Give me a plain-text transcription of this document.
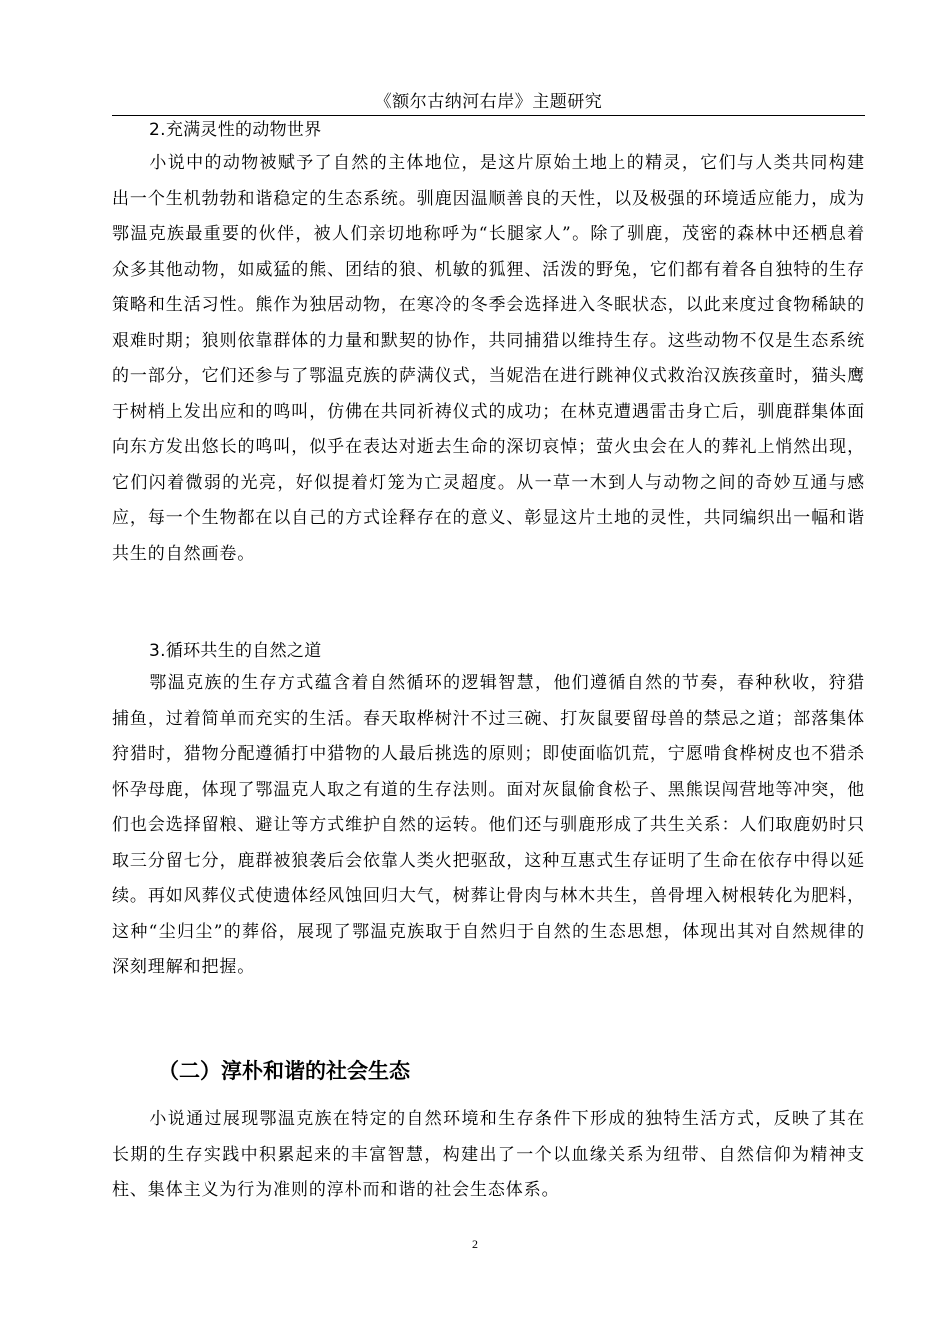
《额尔古纳河右岸》主题研究
2.充满灵性的动物世界

小说中的动物被赋予了自然的主体地位，是这片原始土地上的精灵，它们与人类共同构建出一个生机勃勃和谐稳定的生态系统。驯鹿因温顺善良的天性，以及极强的环境适应能力，成为鄂温克族最重要的伙伴，被人们亲切地称呼为“长腿家人”。除了驯鹿，茂密的森林中还栖息着众多其他动物，如威猛的熊、团结的狼、机敏的狐狸、活泼的野兔，它们都有着各自独特的生存策略和生活习性。熊作为独居动物，在寒冷的冬季会选择进入冬眠状态，以此来度过食物稀缺的艰难时期；狼则依靠群体的力量和默契的协作，共同捕猎以维持生存。这些动物不仅是生态系统的一部分，它们还参与了鄂温克族的萨满仪式，当妮浩在进行跳神仪式救治汉族孩童时，猫头鹰于树梢上发出应和的鸣叫，仿佛在共同祈祷仪式的成功；在林克遭遇雷击身亡后，驯鹿群集体面向东方发出悠长的鸣叫，似乎在表达对逝去生命的深切哀悼；萤火虫会在人的葬礼上悄然出现，它们闪着微弱的光亮，好似提着灯笼为亡灵超度。从一草一木到人与动物之间的奇妙互通与感应，每一个生物都在以自己的方式诠释存在的意义、彰显这片土地的灵性，共同编织出一幅和谐共生的自然画卷。

3.循环共生的自然之道

鄂温克族的生存方式蕴含着自然循环的逻辑智慧，他们遵循自然的节奏，春种秋收，狩猎捕鱼，过着简单而充实的生活。春天取桦树汁不过三碗、打灰鼠要留母兽的禁忌之道；部落集体狩猎时，猎物分配遵循打中猎物的人最后挑选的原则；即使面临饥荒，宁愿啃食桦树皮也不猎杀怀孕母鹿，体现了鄂温克人取之有道的生存法则。面对灰鼠偷食松子、黑熊误闯营地等冲突，他们也会选择留粮、避让等方式维护自然的运转。他们还与驯鹿形成了共生关系：人们取鹿奶时只取三分留七分，鹿群被狼袭后会依靠人类火把驱敌，这种互惠式生存证明了生命在依存中得以延续。再如风葬仪式使遗体经风蚀回归大气，树葬让骨肉与林木共生，兽骨埋入树根转化为肥料，这种“尘归尘”的葬俗，展现了鄂温克族取于自然归于自然的生态思想，体现出其对自然规律的深刻理解和把握。

（二）淳朴和谐的社会生态

小说通过展现鄂温克族在特定的自然环境和生存条件下形成的独特生活方式，反映了其在长期的生存实践中积累起来的丰富智慧，构建出了一个以血缘关系为纽带、自然信仰为精神支柱、集体主义为行为准则的淳朴而和谐的社会生态体系。

2
